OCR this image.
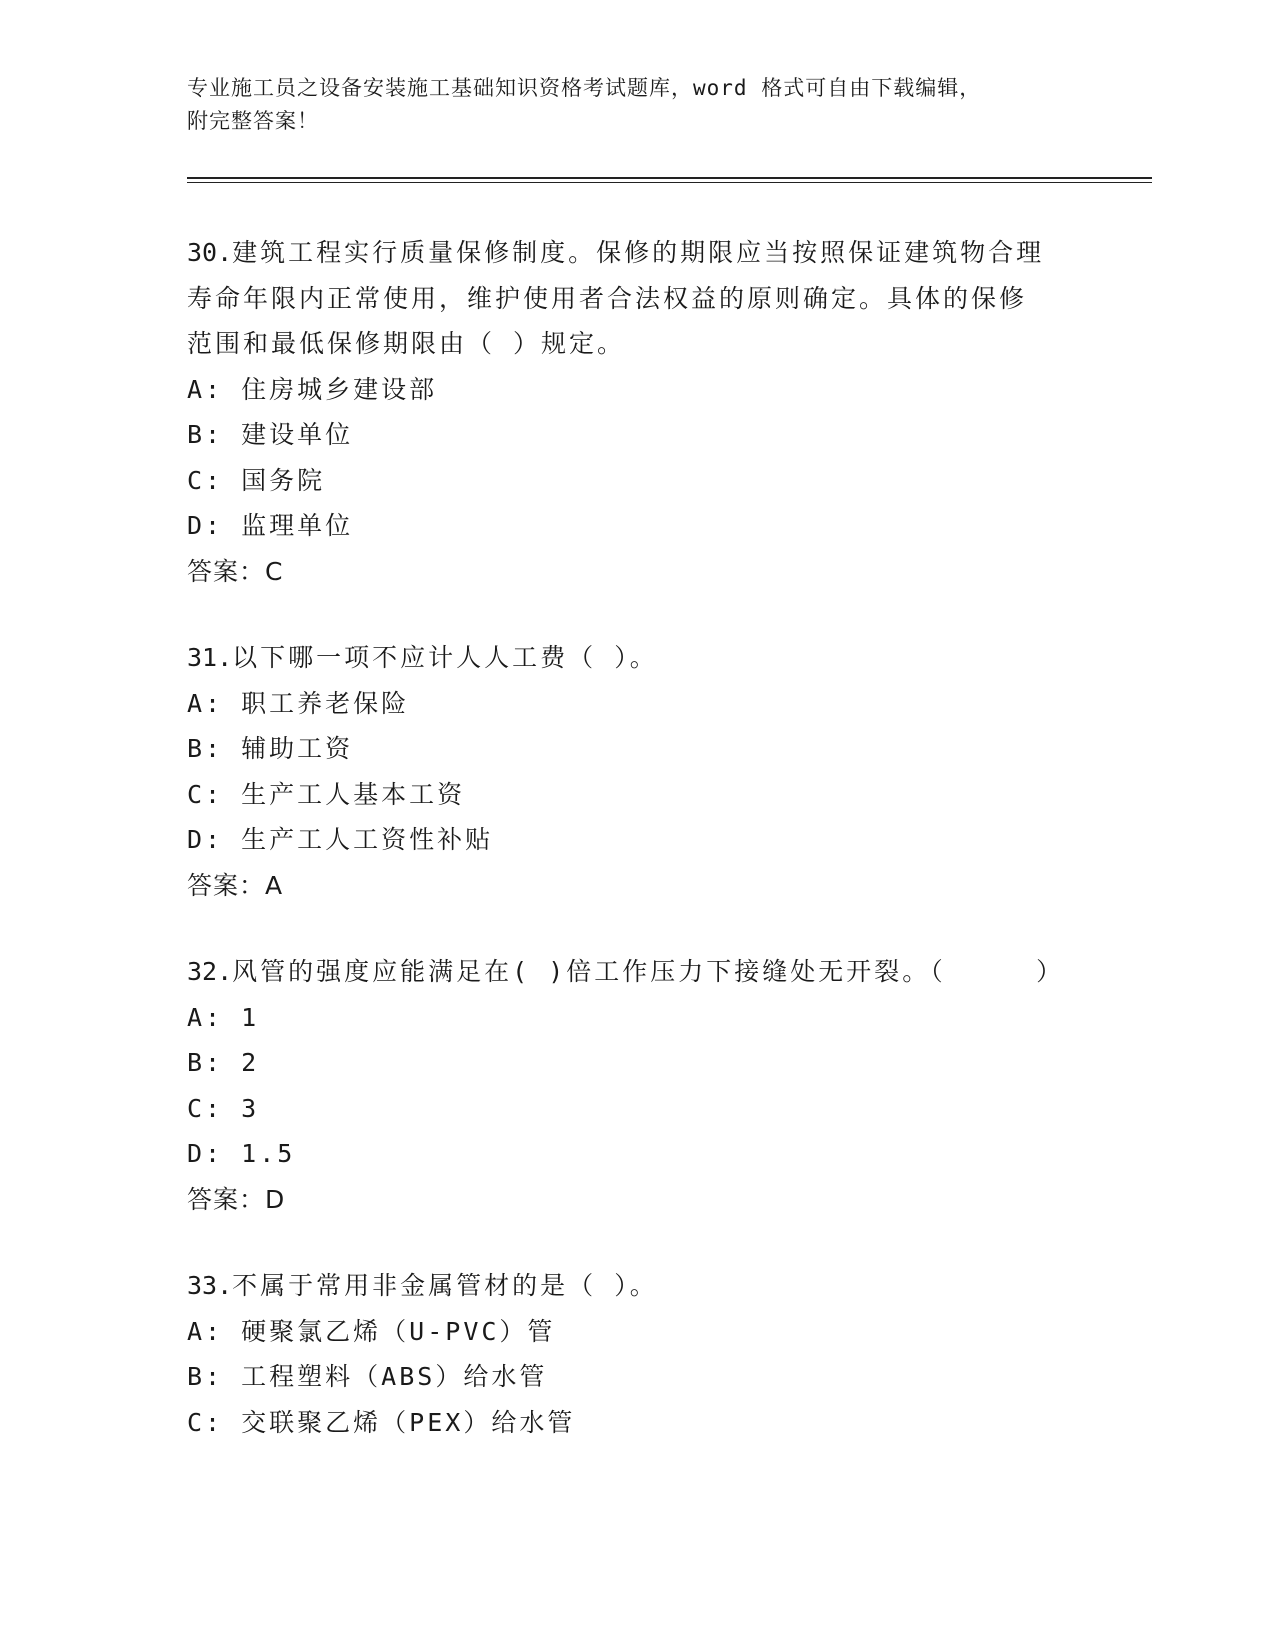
专业施工员之设备安装施工基础知识资格考试题库，word 格式可自由下载编辑，
附完整答案！
30.建筑工程实行质量保修制度。保修的期限应当按照保证建筑物合理
寿命年限内正常使用，维护使用者合法权益的原则确定。具体的保修
范围和最低保修期限由（ ）规定。
A: 住房城乡建设部
B: 建设单位
C: 国务院
D: 监理单位
答案：C
31.以下哪一项不应计人人工费（ ）。
A: 职工养老保险
B: 辅助工资
C: 生产工人基本工资
D: 生产工人工资性补贴
答案：A
32.风管的强度应能满足在( )倍工作压力下接缝处无开裂。（     ）
A: 1
B: 2
C: 3
D: 1.5
答案：D
33.不属于常用非金属管材的是（ ）。
A: 硬聚氯乙烯（U-PVC）管
B: 工程塑料（ABS）给水管
C: 交联聚乙烯（PEX）给水管
